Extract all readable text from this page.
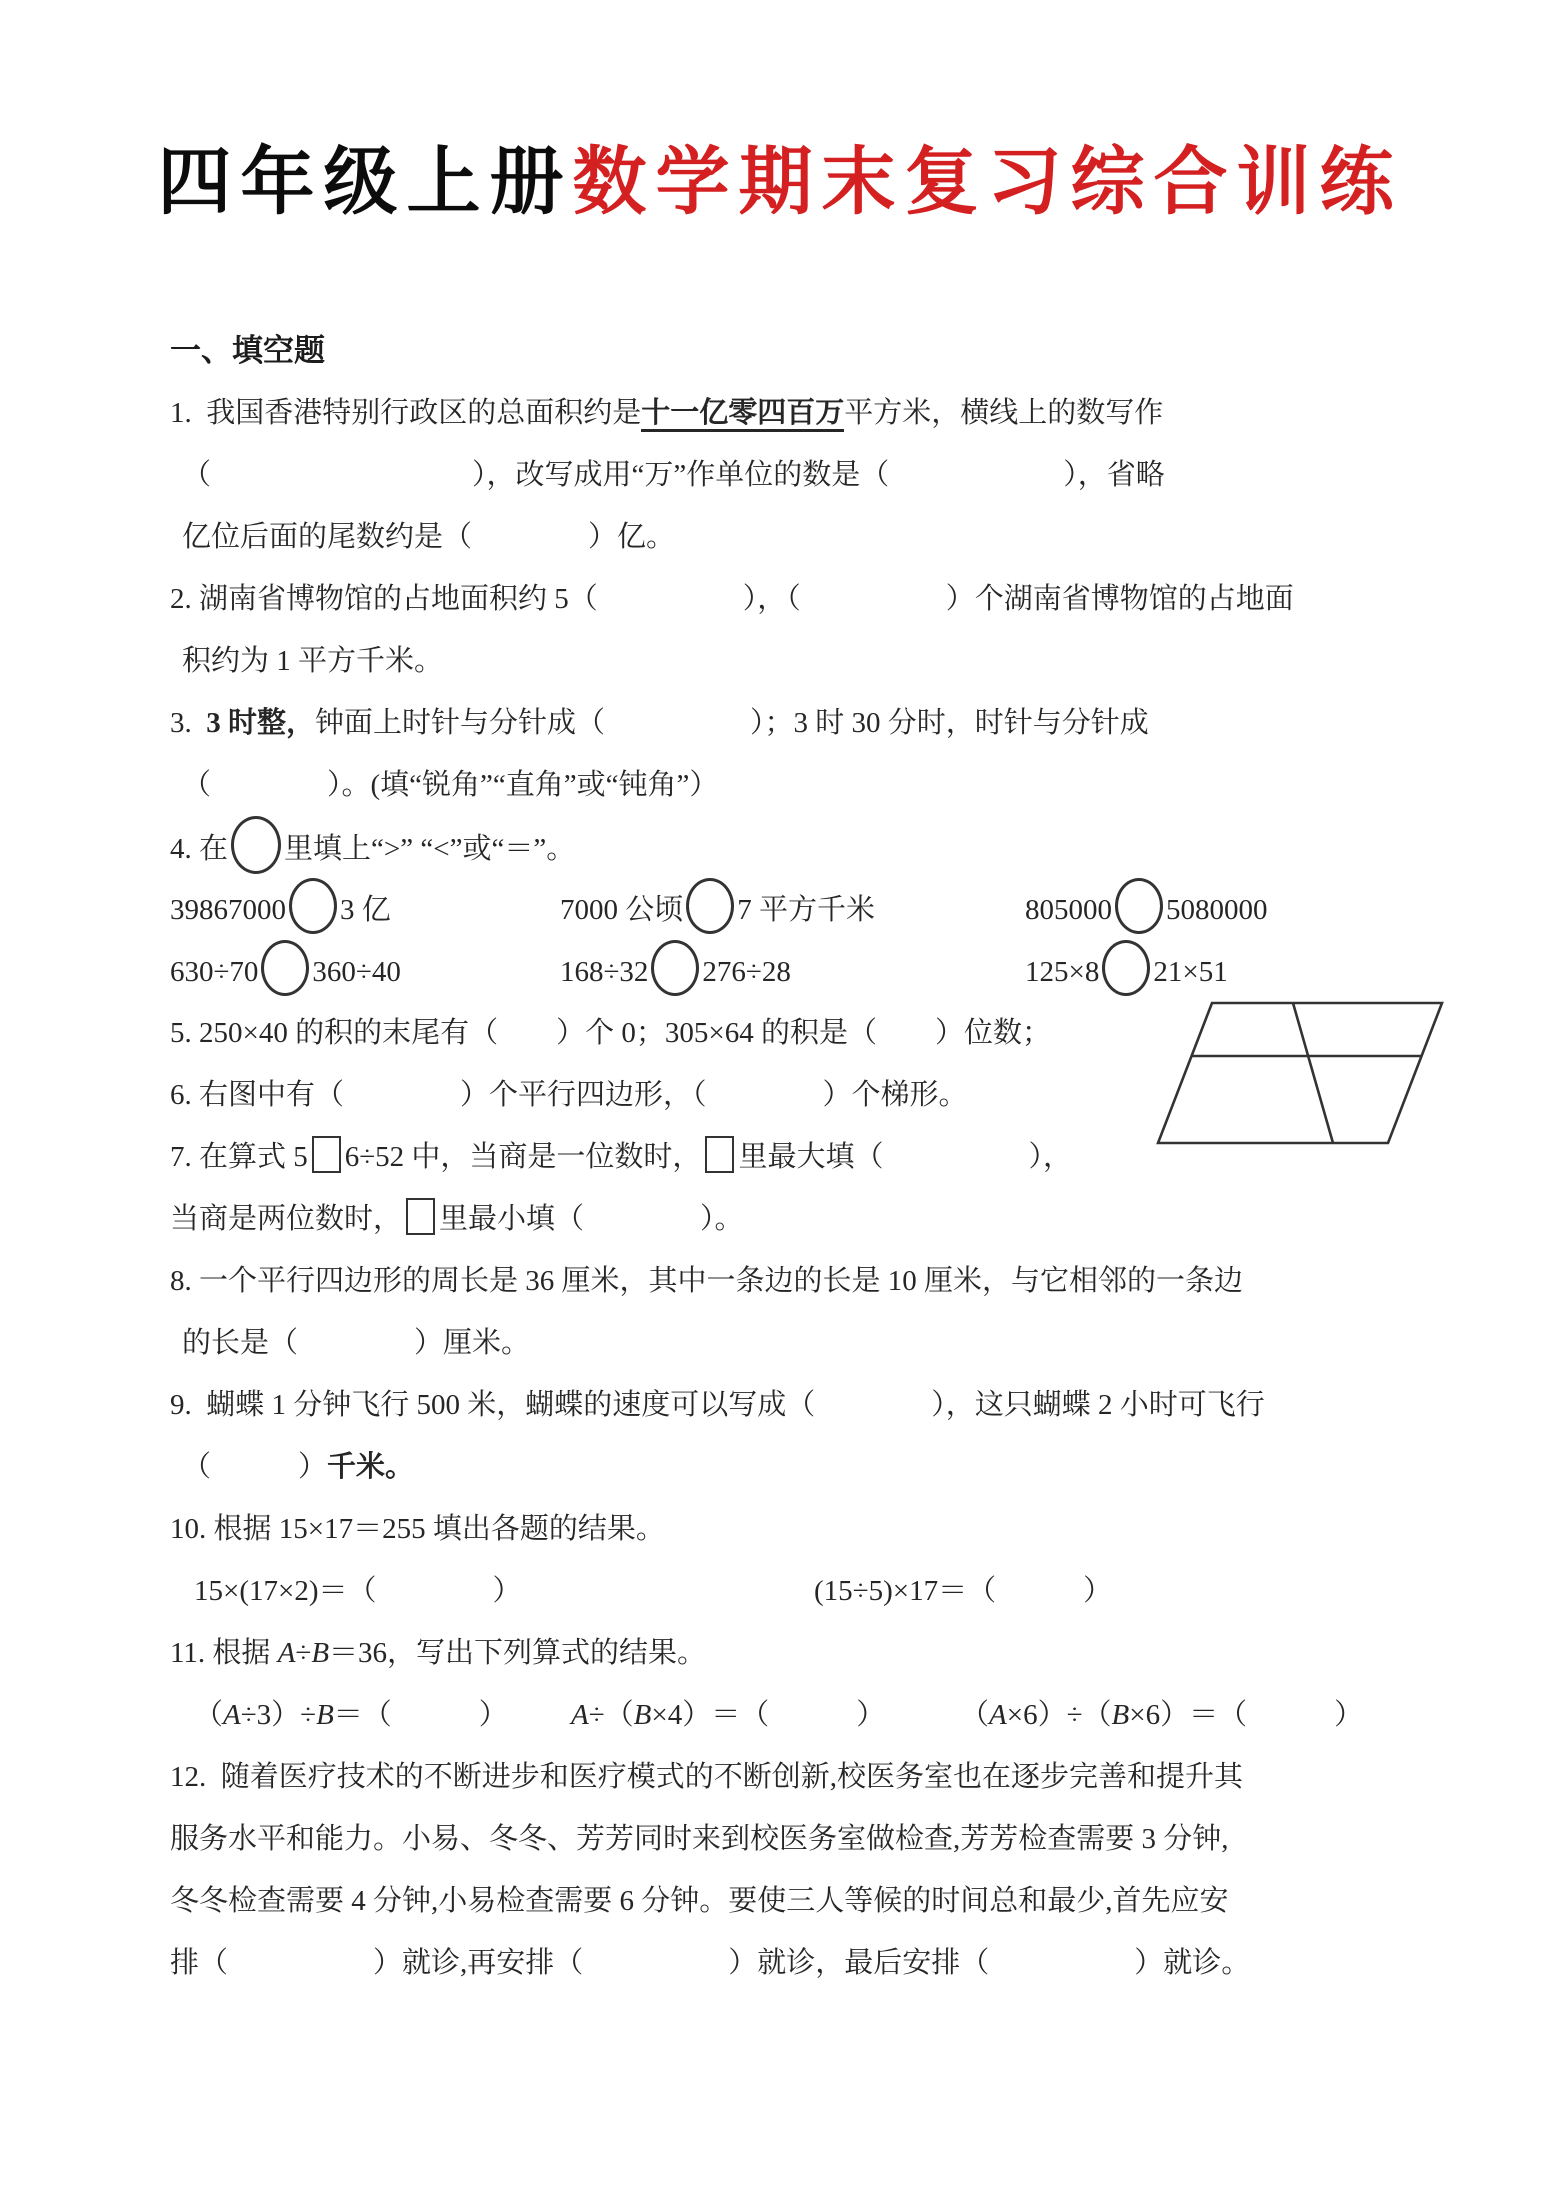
四年级上册数学期末复习综合训练
一、填空题
1.  我国香港特别行政区的总面积约是十一亿零四百万平方米，横线上的数写作
（　　　　　　　　　），改写成用“万”作单位的数是（　　　　　　），省略
亿位后面的尾数约是（　　　　）亿。
2. 湖南省博物馆的占地面积约 5（　　　　　），（　　　　　）个湖南省博物馆的占地面
积约为 1 平方千米。
3.  3 时整，钟面上时针与分针成（　　　　　）；3 时 30 分时，时针与分针成
（　　　　）。(填“锐角”“直角”或“钝角”）
4. 在 里填上“>” “<”或“＝”。
39867000 3 亿	7000 公顷 7 平方千米	805000 5080000
630÷70 360÷40	168÷32 276÷28	125×8 21×51
5. 250×40 的积的末尾有（　　）个 0；305×64 的积是（　　）位数；
6. 右图中有（　　　　）个平行四边形，（　　　　）个梯形。
7. 在算式 5 6÷52 中，当商是一位数时， 里最大填（　　　　　），
当商是两位数时， 里最小填（　　　　）。
8. 一个平行四边形的周长是 36 厘米，其中一条边的长是 10 厘米，与它相邻的一条边
的长是（　　　　）厘米。
9.  蝴蝶 1 分钟飞行 500 米，蝴蝶的速度可以写成（　　　　），这只蝴蝶 2 小时可飞行
（　　　）千米。
10. 根据 15×17＝255 填出各题的结果。
15×(17×2)＝（　　　　）	(15÷5)×17＝（　　　）
11. 根据 A÷B＝36，写出下列算式的结果。
（A÷3）÷B＝（　　　）	A÷（B×4）＝（　　　）	（A×6）÷（B×6）＝（　　　）
12.  随着医疗技术的不断进步和医疗模式的不断创新,校医务室也在逐步完善和提升其
服务水平和能力。小易、冬冬、芳芳同时来到校医务室做检查,芳芳检查需要 3 分钟,
冬冬检查需要 4 分钟,小易检查需要 6 分钟。要使三人等候的时间总和最少,首先应安
排（　　　　　）就诊,再安排（　　　　　）就诊，最后安排（　　　　　）就诊。
